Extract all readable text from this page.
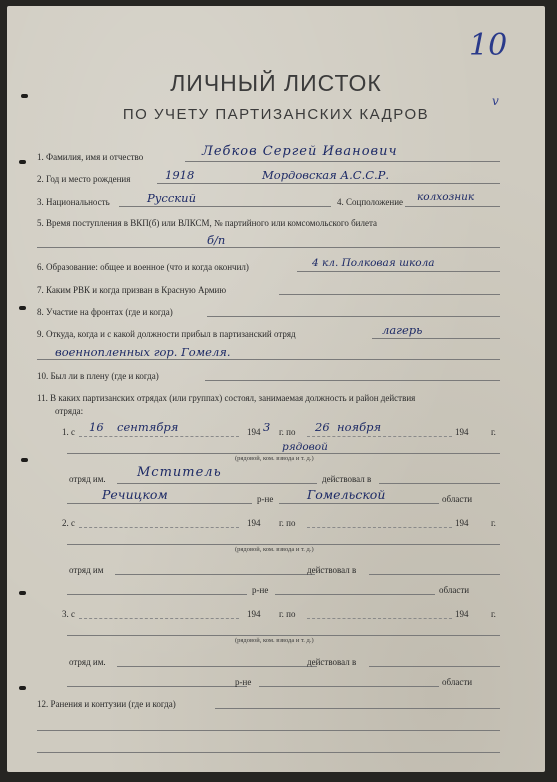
10
v
ЛИЧНЫЙ ЛИСТОК
ПО УЧЕТУ ПАРТИЗАНСКИХ КАДРОВ
1. Фамилия, имя и отчество	Лебков Сергей Иванович
2. Год и место рождения	1918	Мордовская А.С.С.Р.
3. Национальность	Русский	4. Соцположение колхозник
5. Время поступления в ВКП(б) или ВЛКСМ, № партийного или комсомольского билета
б/п
6. Образование: общее и военное (что и когда окончил)	4 кл. Полковая школа
7. Каким РВК и когда призван в Красную Армию
8. Участие на фронтах (где и когда)
9. Откуда, когда и с какой должности прибыл в партизанский отряд	лагерь
военнопленных гор. Гомеля.
10. Был ли в плену (где и когда)
11. В каких партизанских отрядах (или группах) состоял, занимаемая должность и район действия
отряда:
1. с 16 сентября	194 3 г. по 26 ноября	194	г.
рядовой
(рядовой, ком. взвода и т. д.)
отряд им. Мститель	действовал в
Речицком	р-не	Гомельской	области
2. с	194 г. по	194	г.
(рядовой, ком. взвода и т. д.)
отряд им	действовал в
р-не	области
3. с	194 г. по	194	г.
(рядовой, ком. взвода и т. д.)
отряд им.	действовал в
р-не	области
12. Ранения и контузии (где и когда)
